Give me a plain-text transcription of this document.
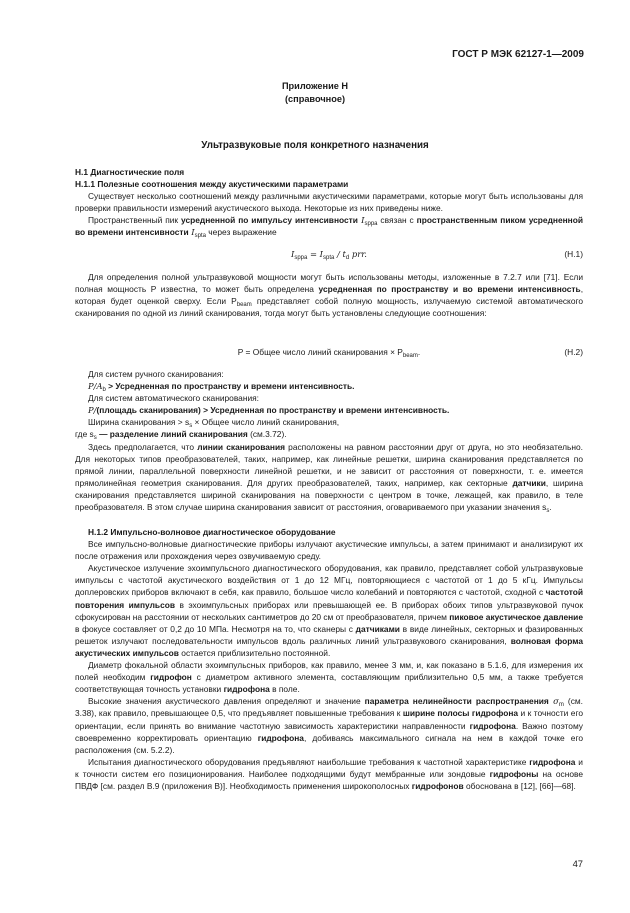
ГОСТ Р МЭК 62127-1—2009
Приложение Н
(справочное)
Ультразвуковые поля конкретного назначения
Н.1 Диагностические поля
Н.1.1 Полезные соотношения между акустическими параметрами
Существует несколько соотношений между различными акустическими параметрами, которые могут быть использованы для проверки правильности измерений акустического выхода. Некоторые из них приведены ниже.
Пространственный пик усредненной по импульсу интенсивности $I_{sppa}$ связан с пространственным пиком усредненной во времени интенсивности $I_{spta}$ через выражение
$I_{sppa} = I_{spta} / t_d$ prr.	(Н.1)
Для определения полной ультразвуковой мощности могут быть использованы методы, изложенные в 7.2.7 или [71]. Если полная мощность P известна, то может быть определена усредненная по пространству и во времени интенсивность, которая будет оценкой сверху. Если $P_{beam}$ представляет собой полную мощность, излучаемую системой автоматического сканирования по одной из линий сканирования, тогда могут быть установлены следующие соотношения:
P = Общее число линий сканирования × $P_{beam}$.	(Н.2)
Для систем ручного сканирования:
$P/A_b$ > Усредненная по пространству и времени интенсивность.
Для систем автоматического сканирования:
P/(площадь сканирования) > Усредненная по пространству и времени интенсивность.
Ширина сканирования > $s_s$ × Общее число линий сканирования,
где $s_s$ — разделение линий сканирования (см.3.72).
Здесь предполагается, что линии сканирования расположены на равном расстоянии друг от друга, но это необязательно. Для некоторых типов преобразователей, таких, например, как линейные решетки, ширина сканирования представляется по прямой линии, параллельной поверхности линейной решетки, и не зависит от расстояния от поверхности, т. е. имеется прямолинейная геометрия сканирования. Для других преобразователей, таких, например, как секторные датчики, ширина сканирования представляется шириной сканирования на поверхности с центром в точке, лежащей, как правило, в теле преобразователя. В этом случае ширина сканирования зависит от расстояния, оговариваемого при указании значения $s_s$.
Н.1.2 Импульсно-волновое диагностическое оборудование
Все импульсно-волновые диагностические приборы излучают акустические импульсы, а затем принимают и анализируют их после отражения или прохождения через озвучиваемую среду.
Акустическое излучение эхоимпульсного диагностического оборудования, как правило, представляет собой ультразвуковые импульсы с частотой акустического воздействия от 1 до 12 МГц, повторяющиеся с частотой от 1 до 5 кГц. Импульсы доплеровских приборов включают в себя, как правило, большое число колебаний и повторяются с частотой, сходной с частотой повторения импульсов в эхоимпульсных приборах или превышающей ее. В приборах обоих типов ультразвуковой пучок сфокусирован на расстоянии от нескольких сантиметров до 20 см от преобразователя, причем пиковое акустическое давление в фокусе составляет от 0,2 до 10 МПа. Несмотря на то, что сканеры с датчиками в виде линейных, секторных и фазированных решеток излучают последовательности импульсов вдоль различных линий ультразвукового сканирования, волновая форма акустических импульсов остается приблизительно постоянной.
Диаметр фокальной области эхоимпульсных приборов, как правило, менее 3 мм, и, как показано в 5.1.6, для измерения их полей необходим гидрофон с диаметром активного элемента, составляющим приблизительно 0,5 мм, а также требуется соответствующая точность установки гидрофона в поле.
Высокие значения акустического давления определяют и значение параметра нелинейности распространения $\sigma_m$ (см. 3.38), как правило, превышающее 0,5, что предъявляет повышенные требования к ширине полосы гидрофона и к точности его ориентации, если принять во внимание частотную зависимость характеристики направленности гидрофона. Важно поэтому своевременно корректировать ориентацию гидрофона, добиваясь максимального сигнала на нем в каждой точке его расположения (см. 5.2.2).
Испытания диагностического оборудования предъявляют наибольшие требования к частотной характеристике гидрофона и к точности систем его позиционирования. Наиболее подходящими будут мембранные или зондовые гидрофоны на основе ПВДФ [см. раздел В.9 (приложения В)]. Необходимость применения широкополосных гидрофонов обоснована в [12], [66]—68].
47
